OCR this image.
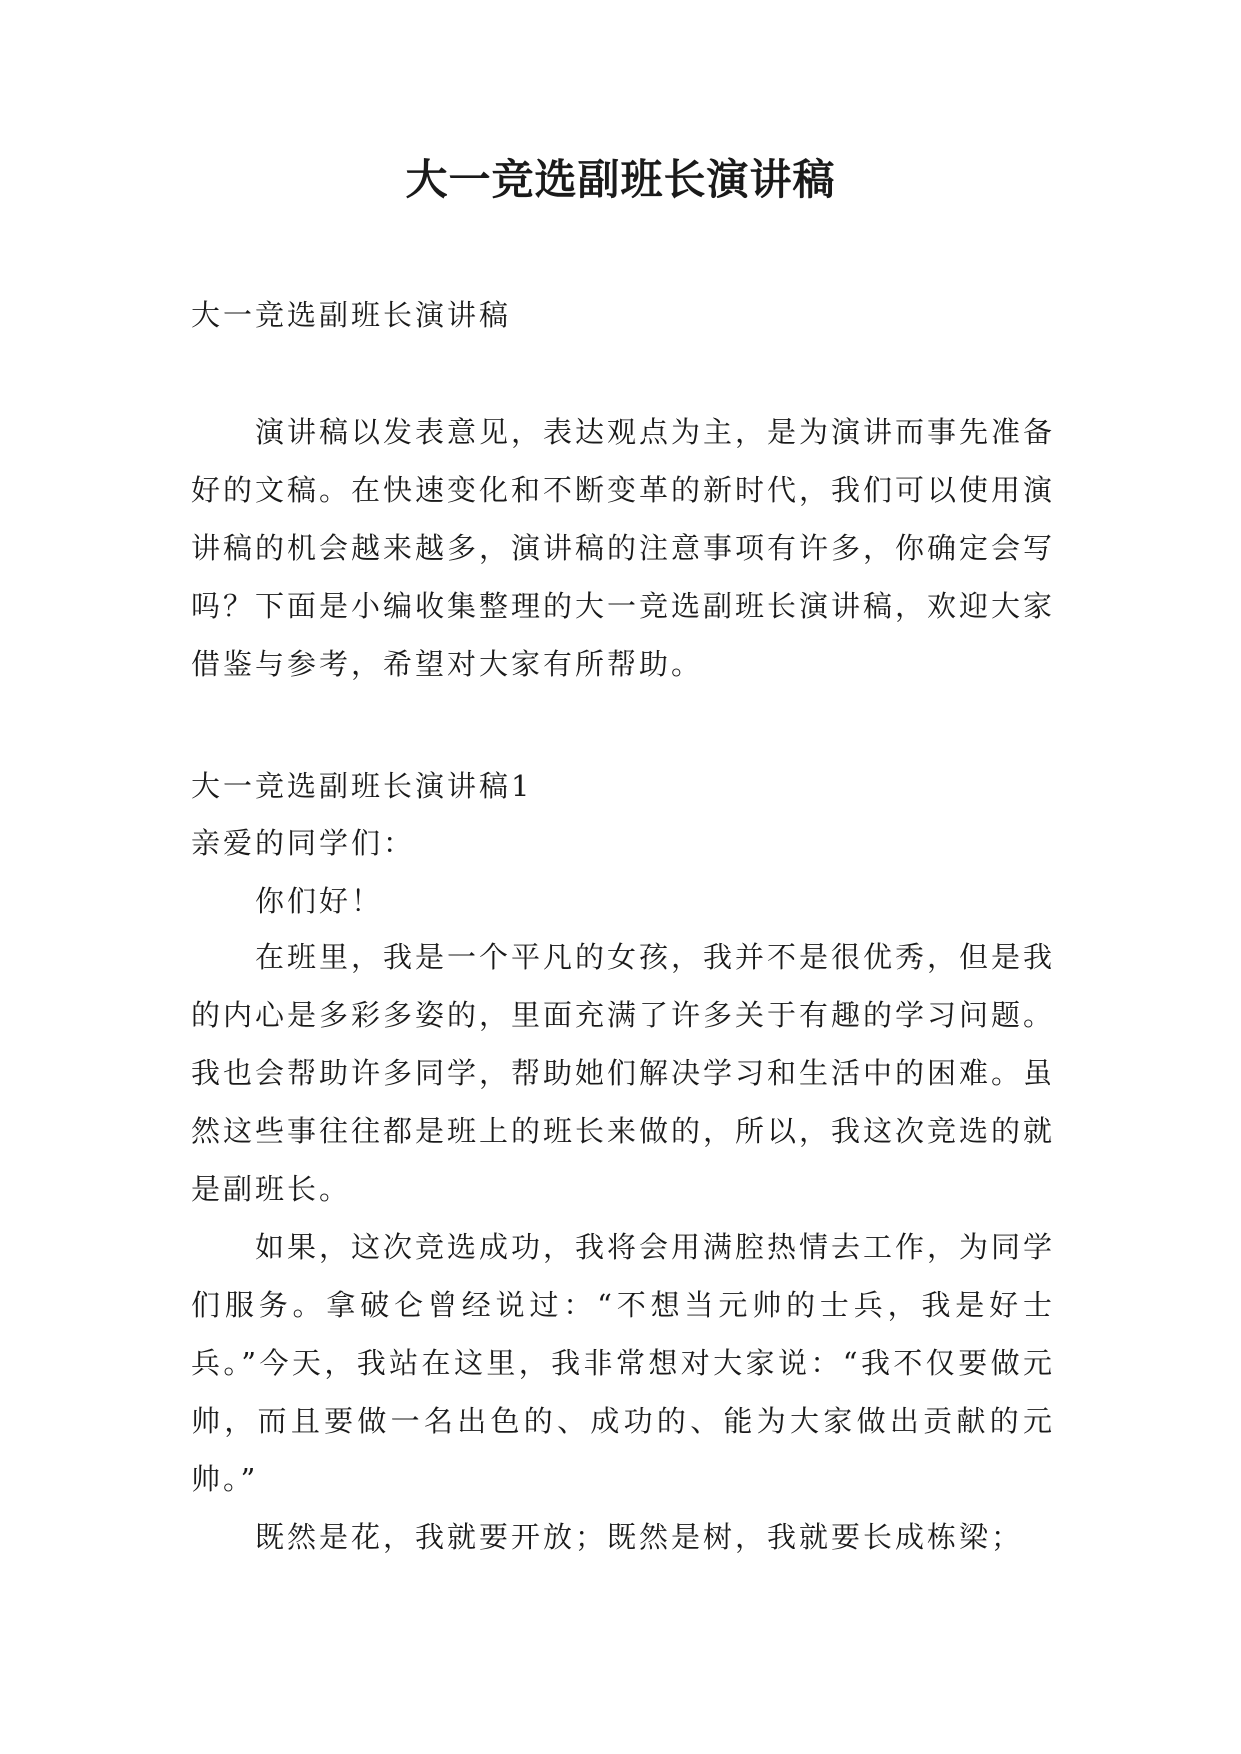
大一竞选副班长演讲稿

大一竞选副班长演讲稿

演讲稿以发表意见，表达观点为主，是为演讲而事先准备好的文稿。在快速变化和不断变革的新时代，我们可以使用演讲稿的机会越来越多，演讲稿的注意事项有许多，你确定会写吗？下面是小编收集整理的大一竞选副班长演讲稿，欢迎大家借鉴与参考，希望对大家有所帮助。

大一竞选副班长演讲稿1

亲爱的同学们：

你们好！

在班里，我是一个平凡的女孩，我并不是很优秀，但是我的内心是多彩多姿的，里面充满了许多关于有趣的学习问题。我也会帮助许多同学，帮助她们解决学习和生活中的困难。虽然这些事往往都是班上的班长来做的，所以，我这次竞选的就是副班长。

如果，这次竞选成功，我将会用满腔热情去工作，为同学们服务。拿破仑曾经说过：“不想当元帅的士兵，我是好士兵。”今天，我站在这里，我非常想对大家说：“我不仅要做元帅，而且要做一名出色的、成功的、能为大家做出贡献的元帅。”

既然是花，我就要开放；既然是树，我就要长成栋梁；
